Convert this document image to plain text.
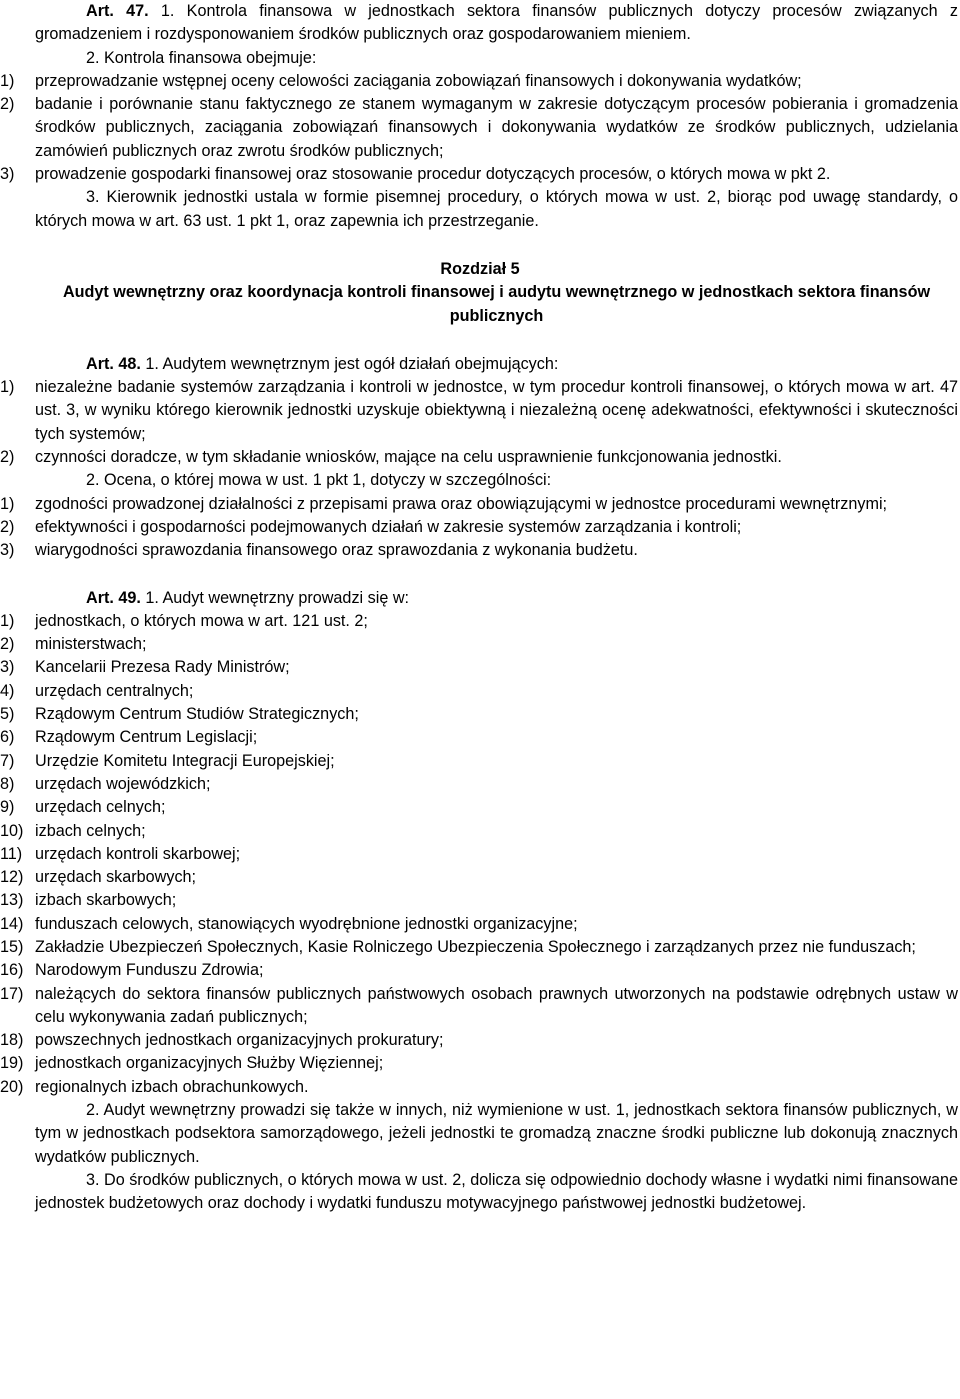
Art. 47. 1. Kontrola finansowa w jednostkach sektora finansów publicznych dotyczy procesów związanych z gromadzeniem i rozdysponowaniem środków publicznych oraz gospodarowaniem mieniem.

2. Kontrola finansowa obejmuje:

1) przeprowadzanie wstępnej oceny celowości zaciągania zobowiązań finansowych i dokonywania wydatków;
2) badanie i porównanie stanu faktycznego ze stanem wymaganym w zakresie dotyczącym procesów pobierania i gromadzenia środków publicznych, zaciągania zobowiązań finansowych i dokonywania wydatków ze środków publicznych, udzielania zamówień publicznych oraz zwrotu środków publicznych;
3) prowadzenie gospodarki finansowej oraz stosowanie procedur dotyczących procesów, o których mowa w pkt 2.

3. Kierownik jednostki ustala w formie pisemnej procedury, o których mowa w ust. 2, biorąc pod uwagę standardy, o których mowa w art. 63 ust. 1 pkt 1, oraz zapewnia ich przestrzeganie.

Rozdział 5

Audyt wewnętrzny oraz koordynacja kontroli finansowej i audytu wewnętrznego w jednostkach sektora finansów publicznych

Art. 48. 1. Audytem wewnętrznym jest ogół działań obejmujących:

1) niezależne badanie systemów zarządzania i kontroli w jednostce, w tym procedur kontroli finansowej, o których mowa w art. 47 ust. 3, w wyniku którego kierownik jednostki uzyskuje obiektywną i niezależną ocenę adekwatności, efektywności i skuteczności tych systemów;
2) czynności doradcze, w tym składanie wniosków, mające na celu usprawnienie funkcjonowania jednostki.

2. Ocena, o której mowa w ust. 1 pkt 1, dotyczy w szczególności:

1) zgodności prowadzonej działalności z przepisami prawa oraz obowiązującymi w jednostce procedurami wewnętrznymi;
2) efektywności i gospodarności podejmowanych działań w zakresie systemów zarządzania i kontroli;
3) wiarygodności sprawozdania finansowego oraz sprawozdania z wykonania budżetu.

Art. 49. 1. Audyt wewnętrzny prowadzi się w:

1) jednostkach, o których mowa w art. 121 ust. 2;
2) ministerstwach;
3) Kancelarii Prezesa Rady Ministrów;
4) urzędach centralnych;
5) Rządowym Centrum Studiów Strategicznych;
6) Rządowym Centrum Legislacji;
7) Urzędzie Komitetu Integracji Europejskiej;
8) urzędach wojewódzkich;
9) urzędach celnych;
10) izbach celnych;
11) urzędach kontroli skarbowej;
12) urzędach skarbowych;
13) izbach skarbowych;
14) funduszach celowych, stanowiących wyodrębnione jednostki organizacyjne;
15) Zakładzie Ubezpieczeń Społecznych, Kasie Rolniczego Ubezpieczenia Społecznego i zarządzanych przez nie funduszach;
16) Narodowym Funduszu Zdrowia;
17) należących do sektora finansów publicznych państwowych osobach prawnych utworzonych na podstawie odrębnych ustaw w celu wykonywania zadań publicznych;
18) powszechnych jednostkach organizacyjnych prokuratury;
19) jednostkach organizacyjnych Służby Więziennej;
20) regionalnych izbach obrachunkowych.

2. Audyt wewnętrzny prowadzi się także w innych, niż wymienione w ust. 1, jednostkach sektora finansów publicznych, w tym w jednostkach podsektora samorządowego, jeżeli jednostki te gromadzą znaczne środki publiczne lub dokonują znacznych wydatków publicznych.

3. Do środków publicznych, o których mowa w ust. 2, dolicza się odpowiednio dochody własne i wydatki nimi finansowane jednostek budżetowych oraz dochody i wydatki funduszu motywacyjnego państwowej jednostki budżetowej.
